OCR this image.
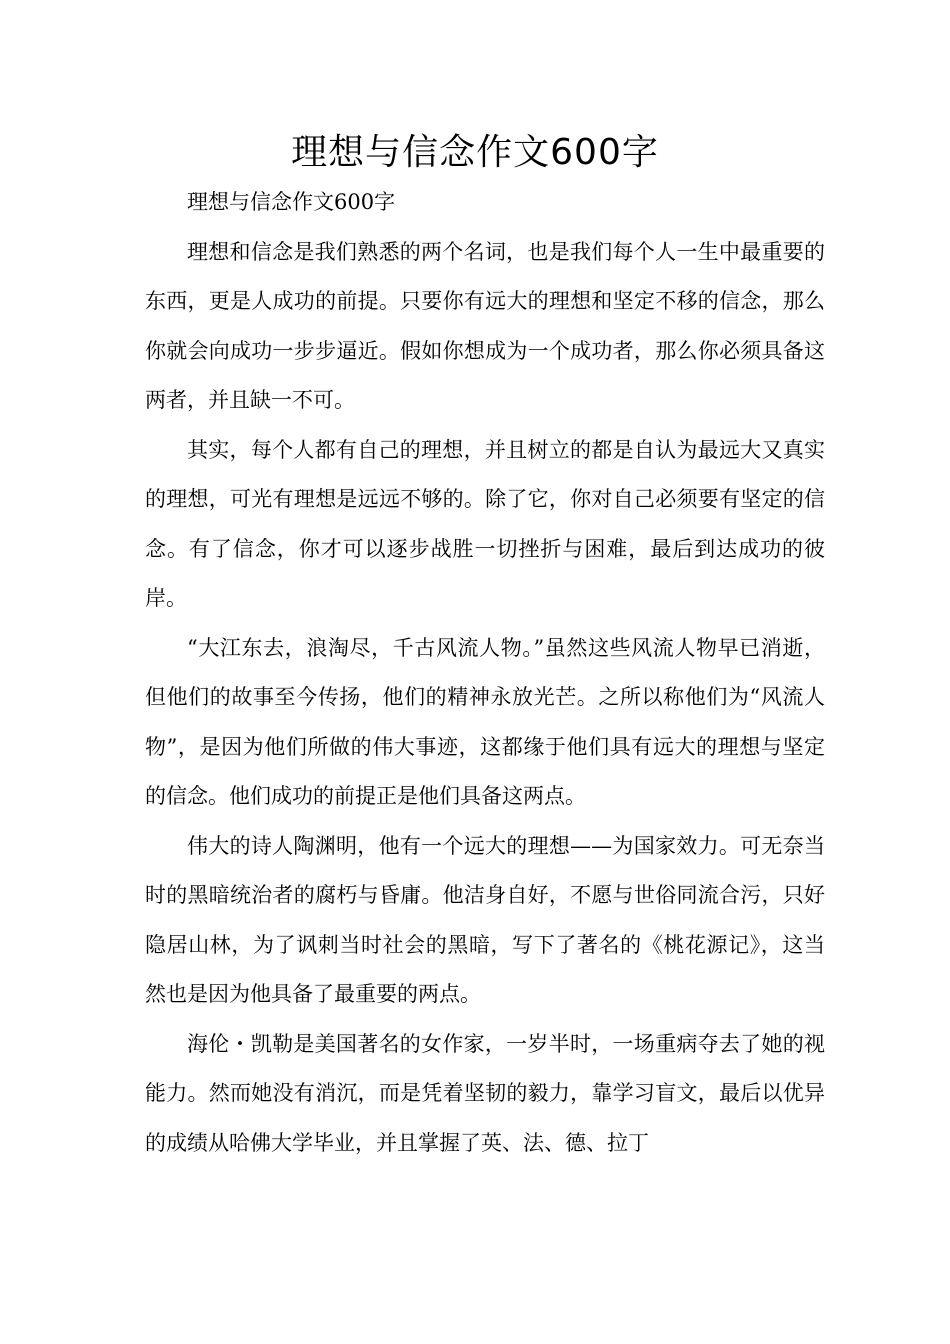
理想与信念作文600字

理想与信念作文600字

理想和信念是我们熟悉的两个名词，也是我们每个人一生中最重要的东西，更是人成功的前提。只要你有远大的理想和坚定不移的信念，那么你就会向成功一步步逼近。假如你想成为一个成功者，那么你必须具备这两者，并且缺一不可。

其实，每个人都有自己的理想，并且树立的都是自认为最远大又真实的理想，可光有理想是远远不够的。除了它，你对自己必须要有坚定的信念。有了信念，你才可以逐步战胜一切挫折与困难，最后到达成功的彼岸。

“大江东去，浪淘尽，千古风流人物。”虽然这些风流人物早已消逝，但他们的故事至今传扬，他们的精神永放光芒。之所以称他们为“风流人物”，是因为他们所做的伟大事迹，这都缘于他们具有远大的理想与坚定的信念。他们成功的前提正是他们具备这两点。

伟大的诗人陶渊明，他有一个远大的理想——为国家效力。可无奈当时的黑暗统治者的腐朽与昏庸。他洁身自好，不愿与世俗同流合污，只好隐居山林，为了讽刺当时社会的黑暗，写下了著名的《桃花源记》，这当然也是因为他具备了最重要的两点。

海伦・凯勒是美国著名的女作家，一岁半时，一场重病夺去了她的视能力。然而她没有消沉，而是凭着坚韧的毅力，靠学习盲文，最后以优异的成绩从哈佛大学毕业，并且掌握了英、法、德、拉丁
